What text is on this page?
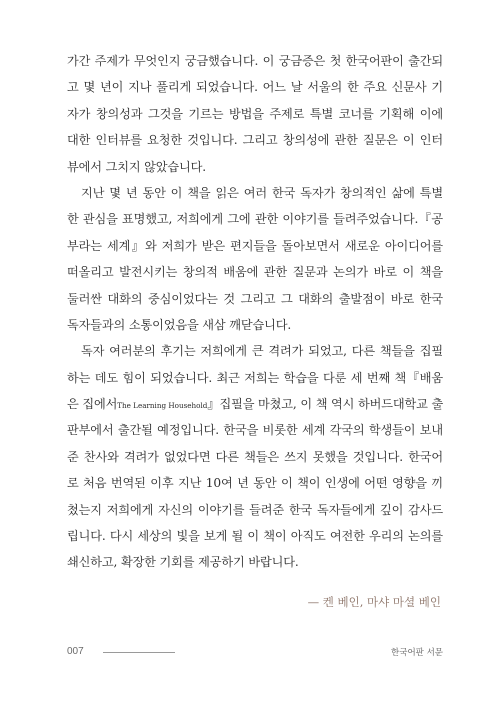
가간 주제가 무엇인지 궁금했습니다. 이 궁금증은 첫 한국어판이 출간되
고 몇 년이 지나 풀리게 되었습니다. 어느 날 서울의 한 주요 신문사 기
자가 창의성과 그것을 기르는 방법을 주제로 특별 코너를 기획해 이에
대한 인터뷰를 요청한 것입니다. 그리고 창의성에 관한 질문은 이 인터
뷰에서 그치지 않았습니다.
지난 몇 년 동안 이 책을 읽은 여러 한국 독자가 창의적인 삶에 특별
한 관심을 표명했고, 저희에게 그에 관한 이야기를 들려주었습니다.『공
부라는 세계』와 저희가 받은 편지들을 돌아보면서 새로운 아이디어를
떠올리고 발전시키는 창의적 배움에 관한 질문과 논의가 바로 이 책을
둘러싼 대화의 중심이었다는 것 그리고 그 대화의 출발점이 바로 한국
독자들과의 소통이었음을 새삼 깨닫습니다.
독자 여러분의 후기는 저희에게 큰 격려가 되었고, 다른 책들을 집필
하는 데도 힘이 되었습니다. 최근 저희는 학습을 다룬 세 번째 책『배움
은 집에서The Learning Household』집필을 마쳤고, 이 책 역시 하버드대학교 출
판부에서 출간될 예정입니다. 한국을 비롯한 세계 각국의 학생들이 보내
준 찬사와 격려가 없었다면 다른 책들은 쓰지 못했을 것입니다. 한국어
로 처음 번역된 이후 지난 10여 년 동안 이 책이 인생에 어떤 영향을 끼
쳤는지 저희에게 자신의 이야기를 들려준 한국 독자들에게 깊이 감사드
립니다. 다시 세상의 빛을 보게 될 이 책이 아직도 여전한 우리의 논의를
쇄신하고, 확장한 기회를 제공하기 바랍니다.
— 켄 베인, 마샤 마셜 베인
007	한국어판 서문
